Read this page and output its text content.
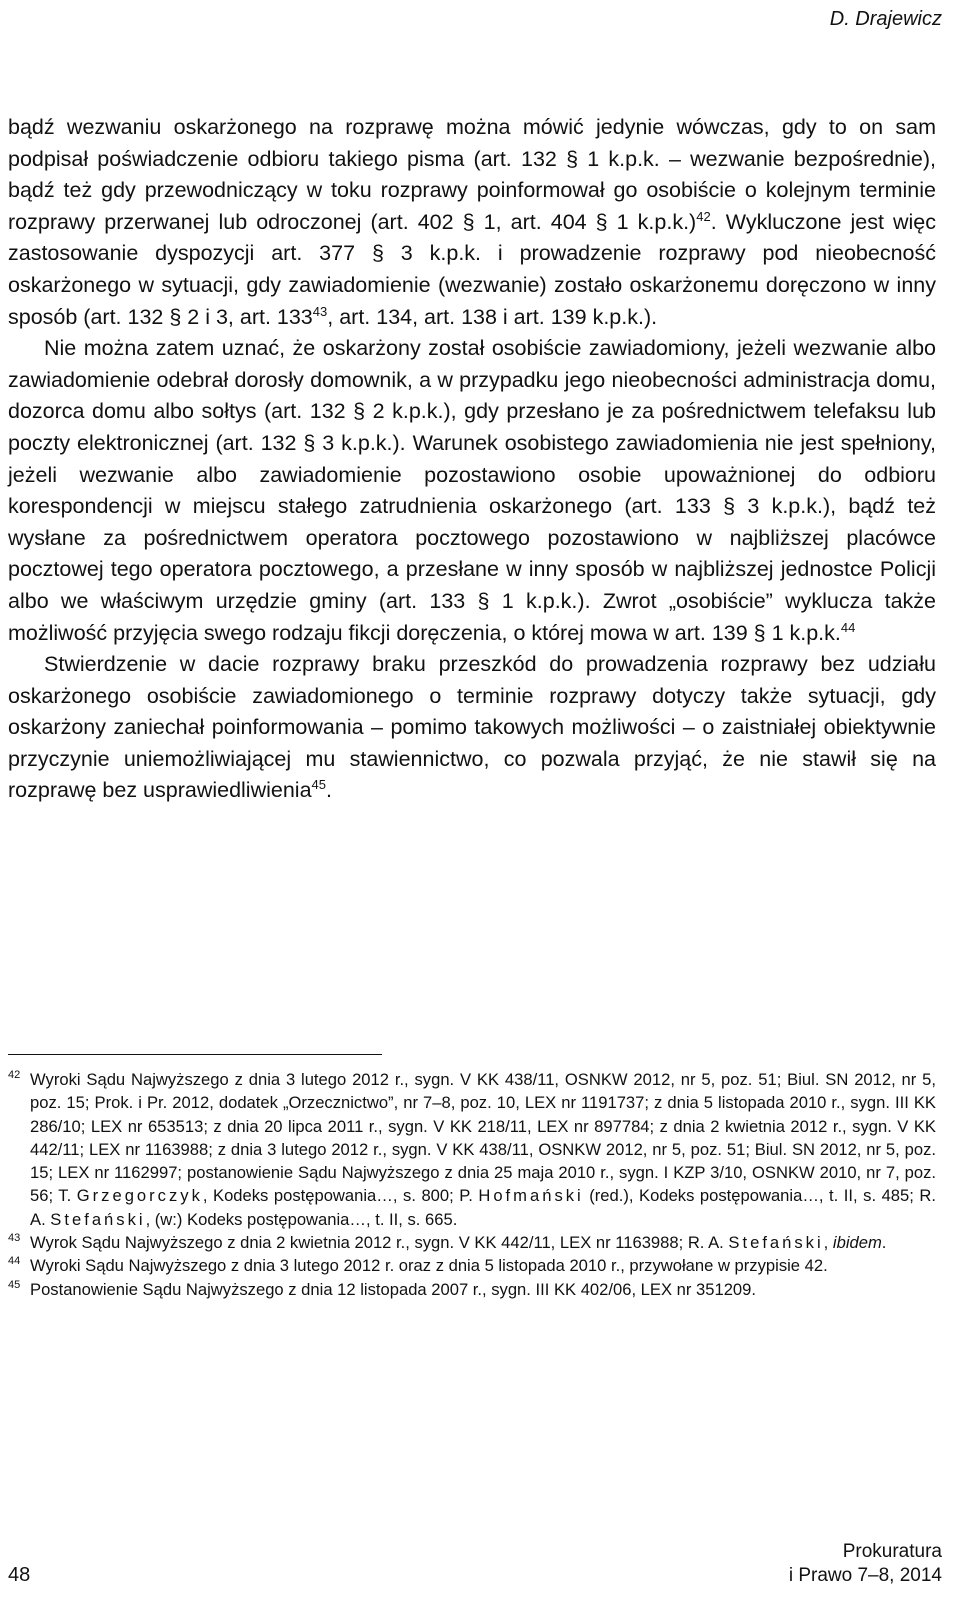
D. Drajewicz

bądź wezwaniu oskarżonego na rozprawę można mówić jedynie wówczas, gdy to on sam podpisał poświadczenie odbioru takiego pisma (art. 132 § 1 k.p.k. – wezwanie bezpośrednie), bądź też gdy przewodniczący w toku rozprawy poinformował go osobiście o kolejnym terminie rozprawy przerwanej lub odroczonej (art. 402 § 1, art. 404 § 1 k.p.k.)$^{42}$. Wykluczone jest więc zastosowanie dyspozycji art. 377 § 3 k.p.k. i prowadzenie rozprawy pod nieobecność oskarżonego w sytuacji, gdy zawiadomienie (wezwanie) zostało oskarżonemu doręczono w inny sposób (art. 132 § 2 i 3, art. 133$^{43}$, art. 134, art. 138 i art. 139 k.p.k.).

Nie można zatem uznać, że oskarżony został osobiście zawiadomiony, jeżeli wezwanie albo zawiadomienie odebrał dorosły domownik, a w przypadku jego nieobecności administracja domu, dozorca domu albo sołtys (art. 132 § 2 k.p.k.), gdy przesłano je za pośrednictwem telefaksu lub poczty elektronicznej (art. 132 § 3 k.p.k.). Warunek osobistego zawiadomienia nie jest spełniony, jeżeli wezwanie albo zawiadomienie pozostawiono osobie upoważnionej do odbioru korespondencji w miejscu stałego zatrudnienia oskarżonego (art. 133 § 3 k.p.k.), bądź też wysłane za pośrednictwem operatora pocztowego pozostawiono w najbliższej placówce pocztowej tego operatora pocztowego, a przesłane w inny sposób w najbliższej jednostce Policji albo we właściwym urzędzie gminy (art. 133 § 1 k.p.k.). Zwrot „osobiście” wyklucza także możliwość przyjęcia swego rodzaju fikcji doręczenia, o której mowa w art. 139 § 1 k.p.k.$^{44}$

Stwierdzenie w dacie rozprawy braku przeszkód do prowadzenia rozprawy bez udziału oskarżonego osobiście zawiadomionego o terminie rozprawy dotyczy także sytuacji, gdy oskarżony zaniechał poinformowania – pomimo takowych możliwości – o zaistniałej obiektywnie przyczynie uniemożliwiającej mu stawiennictwo, co pozwala przyjąć, że nie stawił się na rozprawę bez usprawiedliwienia$^{45}$.

42 Wyroki Sądu Najwyższego z dnia 3 lutego 2012 r., sygn. V KK 438/11, OSNKW 2012, nr 5, poz. 51; Biul. SN 2012, nr 5, poz. 15; Prok. i Pr. 2012, dodatek „Orzecznictwo”, nr 7–8, poz. 10, LEX nr 1191737; z dnia 5 listopada 2010 r., sygn. III KK 286/10; LEX nr 653513; z dnia 20 lipca 2011 r., sygn. V KK 218/11, LEX nr 897784; z dnia 2 kwietnia 2012 r., sygn. V KK 442/11; LEX nr 1163988; z dnia 3 lutego 2012 r., sygn. V KK 438/11, OSNKW 2012, nr 5, poz. 51; Biul. SN 2012, nr 5, poz. 15; LEX nr 1162997; postanowienie Sądu Najwyższego z dnia 25 maja 2010 r., sygn. I KZP 3/10, OSNKW 2010, nr 7, poz. 56; T. Grzegorczyk, Kodeks postępowania…, s. 800; P. Hofmański (red.), Kodeks postępowania…, t. II, s. 485; R. A. Stefański, (w:) Kodeks postępowania…, t. II, s. 665.

43 Wyrok Sądu Najwyższego z dnia 2 kwietnia 2012 r., sygn. V KK 442/11, LEX nr 1163988; R. A. Stefański, ibidem.

44 Wyroki Sądu Najwyższego z dnia 3 lutego 2012 r. oraz z dnia 5 listopada 2010 r., przywołane w przypisie 42.

45 Postanowienie Sądu Najwyższego z dnia 12 listopada 2007 r., sygn. III KK 402/06, LEX nr 351209.

48
Prokuratura
i Prawo 7–8, 2014
